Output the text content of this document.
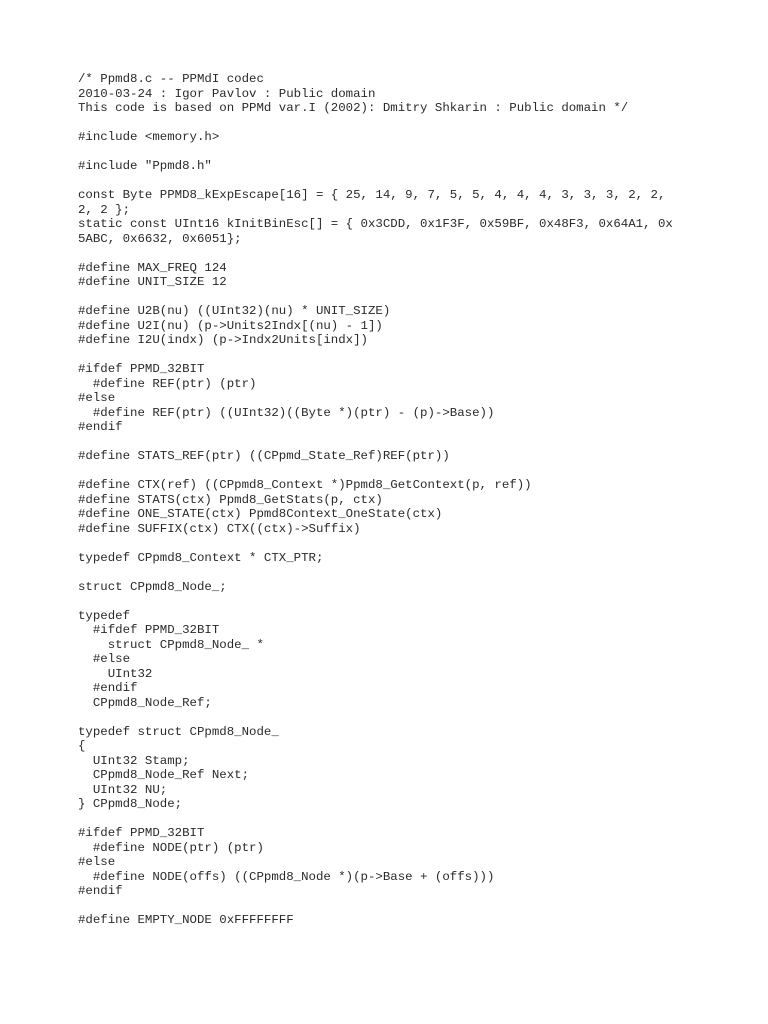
/* Ppmd8.c -- PPMdI codec
2010-03-24 : Igor Pavlov : Public domain
This code is based on PPMd var.I (2002): Dmitry Shkarin : Public domain */
#include <memory.h>
#include "Ppmd8.h"
const Byte PPMD8_kExpEscape[16] = { 25, 14, 9, 7, 5, 5, 4, 4, 4, 3, 3, 3, 2, 2,
2, 2 };
static const UInt16 kInitBinEsc[] = { 0x3CDD, 0x1F3F, 0x59BF, 0x48F3, 0x64A1, 0x
5ABC, 0x6632, 0x6051};
#define MAX_FREQ 124
#define UNIT_SIZE 12
#define U2B(nu) ((UInt32)(nu) * UNIT_SIZE)
#define U2I(nu) (p->Units2Indx[(nu) - 1])
#define I2U(indx) (p->Indx2Units[indx])
#ifdef PPMD_32BIT
#define REF(ptr) (ptr)
#else
#define REF(ptr) ((UInt32)((Byte *)(ptr) - (p)->Base))
#endif
#define STATS_REF(ptr) ((CPpmd_State_Ref)REF(ptr))
#define CTX(ref) ((CPpmd8_Context *)Ppmd8_GetContext(p, ref))
#define STATS(ctx) Ppmd8_GetStats(p, ctx)
#define ONE_STATE(ctx) Ppmd8Context_OneState(ctx)
#define SUFFIX(ctx) CTX((ctx)->Suffix)
typedef CPpmd8_Context * CTX_PTR;
struct CPpmd8_Node_;
typedef
#ifdef PPMD_32BIT
struct CPpmd8_Node_ *
#else
UInt32
#endif
CPpmd8_Node_Ref;
typedef struct CPpmd8_Node_
{
UInt32 Stamp;
CPpmd8_Node_Ref Next;
UInt32 NU;
} CPpmd8_Node;
#ifdef PPMD_32BIT
#define NODE(ptr) (ptr)
#else
#define NODE(offs) ((CPpmd8_Node *)(p->Base + (offs)))
#endif
#define EMPTY_NODE 0xFFFFFFFF
